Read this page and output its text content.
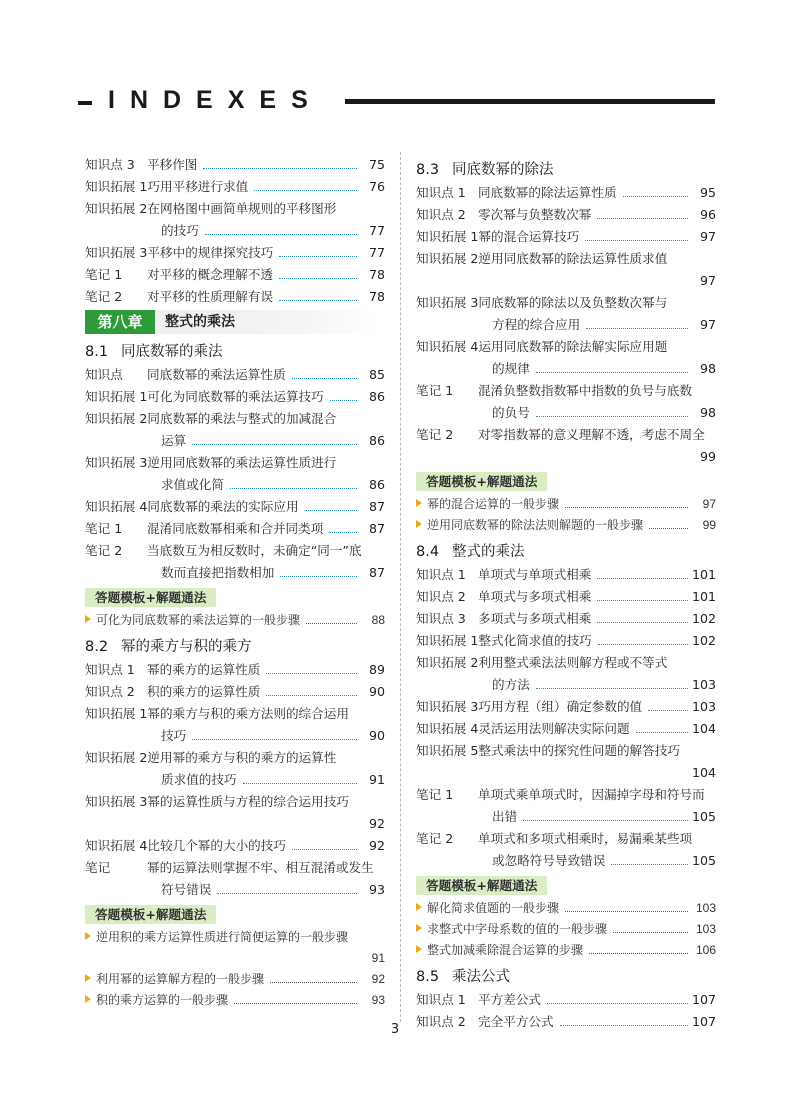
INDEXES
知识点 3 平移作图	75
知识拓展 1 巧用平移进行求值	76
知识拓展 2 在网格图中画简单规则的平移图形
的技巧	77
知识拓展 3 平移中的规律探究技巧	77
笔记 1	对平移的概念理解不透	78
笔记 2	对平移的性质理解有误	78
第八章	整式的乘法
8.1 同底数幂的乘法
知识点	同底数幂的乘法运算性质	85
知识拓展 1 可化为同底数幂的乘法运算技巧	86
知识拓展 2 同底数幂的乘法与整式的加减混合
运算	86
知识拓展 3 逆用同底数幂的乘法运算性质进行
求值或化简	86
知识拓展 4 同底数幂的乘法的实际应用	87
笔记 1	混淆同底数幂相乘和合并同类项	87
笔记 2	当底数互为相反数时，未确定“同一”底
数而直接把指数相加	87
答题模板+解题通法
可化为同底数幂的乘法运算的一般步骤	88
8.2 幂的乘方与积的乘方
知识点 1 幂的乘方的运算性质	89
知识点 2 积的乘方的运算性质	90
知识拓展 1 幂的乘方与积的乘方法则的综合运用
技巧	90
知识拓展 2 逆用幂的乘方与积的乘方的运算性
质求值的技巧	91
知识拓展 3 幂的运算性质与方程的综合运用技巧
92
知识拓展 4 比较几个幂的大小的技巧	92
笔记	幂的运算法则掌握不牢、相互混淆或发生
符号错误	93
答题模板+解题通法
逆用积的乘方运算性质进行简便运算的一般步骤
91
利用幂的运算解方程的一般步骤	92
积的乘方运算的一般步骤	93
8.3 同底数幂的除法
知识点 1 同底数幂的除法运算性质	95
知识点 2 零次幂与负整数次幂	96
知识拓展 1 幂的混合运算技巧	97
知识拓展 2 逆用同底数幂的除法运算性质求值
97
知识拓展 3 同底数幂的除法以及负整数次幂与
方程的综合应用	97
知识拓展 4 运用同底数幂的除法解实际应用题
的规律	98
笔记 1	混淆负整数指数幂中指数的负号与底数
的负号	98
笔记 2	对零指数幂的意义理解不透，考虑不周全
99
答题模板+解题通法
幂的混合运算的一般步骤	97
逆用同底数幂的除法法则解题的一般步骤	99
8.4 整式的乘法
知识点 1 单项式与单项式相乘	101
知识点 2 单项式与多项式相乘	101
知识点 3 多项式与多项式相乘	102
知识拓展 1 整式化简求值的技巧	102
知识拓展 2 利用整式乘法法则解方程或不等式
的方法	103
知识拓展 3 巧用方程（组）确定参数的值	103
知识拓展 4 灵活运用法则解决实际问题	104
知识拓展 5 整式乘法中的探究性问题的解答技巧
104
笔记 1	单项式乘单项式时，因漏掉字母和符号而
出错	105
笔记 2	单项式和多项式相乘时，易漏乘某些项
或忽略符号导致错误	105
答题模板+解题通法
解化简求值题的一般步骤	103
求整式中字母系数的值的一般步骤	103
整式加减乘除混合运算的步骤	106
8.5 乘法公式
知识点 1 平方差公式	107
知识点 2 完全平方公式	107
3
